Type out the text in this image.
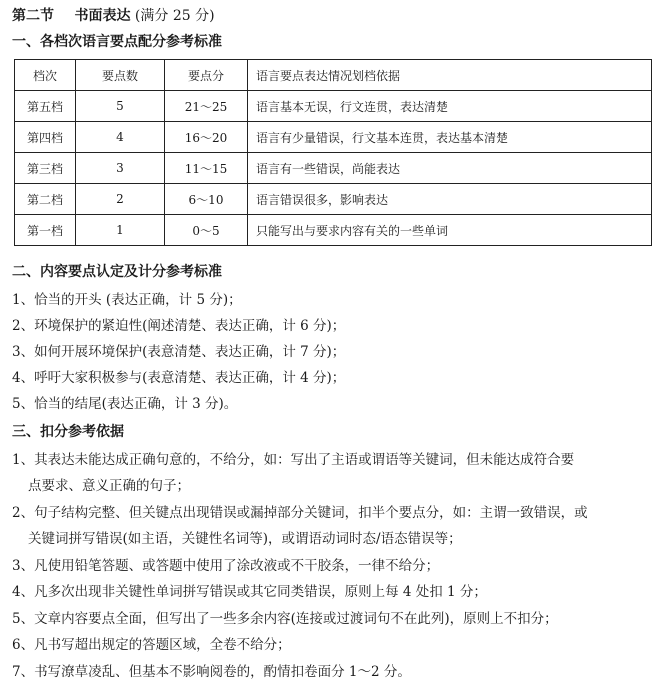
第二节 书面表达 (满分 25 分)
一、各档次语言要点配分参考标准
档次	要点数	要点分	语言要点表达情况划档依据
第五档	5	21～25	语言基本无误，行文连贯，表达清楚
第四档	4	16～20	语言有少量错误，行文基本连贯，表达基本清楚
第三档	3	11～15	语言有一些错误，尚能表达
第二档	2	6～10	语言错误很多，影响表达
第一档	1	0～5	只能写出与要求内容有关的一些单词
二、内容要点认定及计分参考标准
1、恰当的开头 (表达正确，计 5 分)；
2、环境保护的紧迫性(阐述清楚、表达正确，计 6 分)；
3、如何开展环境保护(表意清楚、表达正确，计 7 分)；
4、呼吁大家积极参与(表意清楚、表达正确，计 4 分)；
5、恰当的结尾(表达正确，计 3 分)。
三、扣分参考依据
1、其表达未能达成正确句意的，不给分，如：写出了主语或谓语等关键词，但未能达成符合要
点要求、意义正确的句子；
2、句子结构完整、但关键点出现错误或漏掉部分关键词，扣半个要点分，如：主谓一致错误，或
关键词拼写错误(如主语，关键性名词等)，或谓语动词时态/语态错误等；
3、凡使用铅笔答题、或答题中使用了涂改液或不干胶条，一律不给分；
4、凡多次出现非关键性单词拼写错误或其它同类错误，原则上每 4 处扣 1 分；
5、文章内容要点全面，但写出了一些多余内容(连接或过渡词句不在此列)，原则上不扣分；
6、凡书写超出规定的答题区域，全卷不给分；
7、书写潦草凌乱、但基本不影响阅卷的，酌情扣卷面分 1～2 分。
